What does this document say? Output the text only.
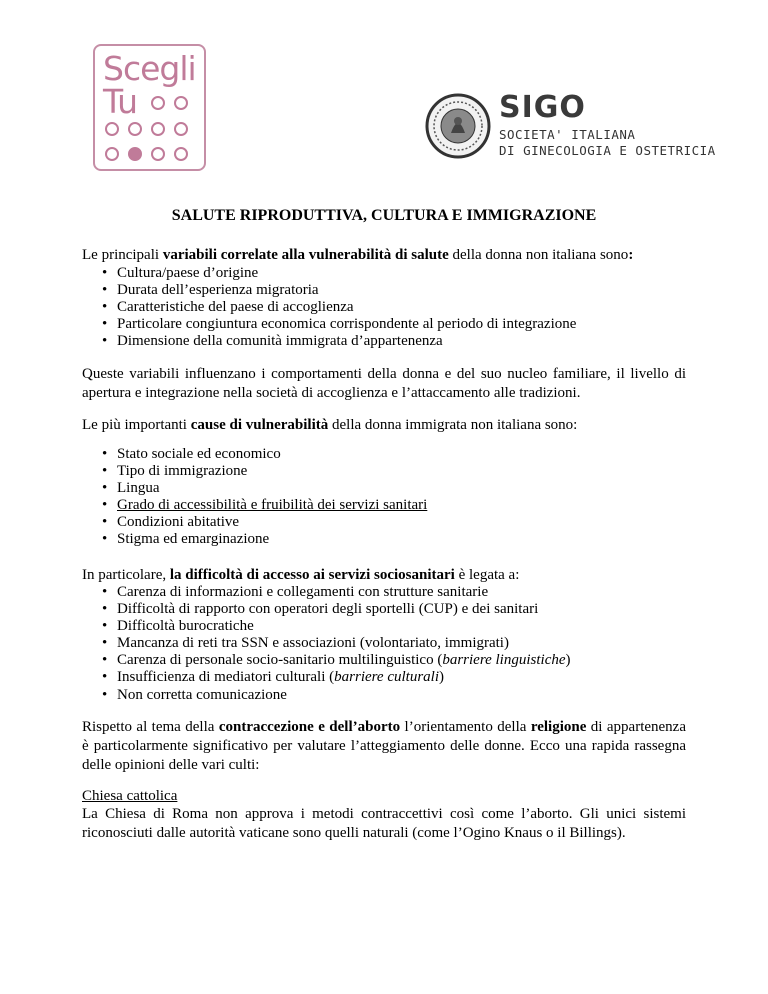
Scegli
Tu	SIGO
SOCIETA' ITALIANA
DI GINECOLOGIA E OSTETRICIA
SALUTE RIPRODUTTIVA, CULTURA E IMMIGRAZIONE
Le principali variabili correlate alla vulnerabilità di salute della donna non italiana sono:
• Cultura/paese d’origine
• Durata dell’esperienza migratoria
• Caratteristiche del paese di accoglienza
• Particolare congiuntura economica corrispondente al periodo di integrazione
• Dimensione della comunità immigrata d’appartenenza
Queste variabili influenzano i comportamenti della donna e del suo nucleo familiare, il livello di apertura e integrazione nella società di accoglienza e l’attaccamento alle tradizioni.
Le più importanti cause di vulnerabilità della donna immigrata non italiana sono:
• Stato sociale ed economico
• Tipo di immigrazione
• Lingua
• Grado di accessibilità e fruibilità dei servizi sanitari
• Condizioni abitative
• Stigma ed emarginazione
In particolare, la difficoltà di accesso ai servizi sociosanitari è legata a:
• Carenza di informazioni e collegamenti con strutture sanitarie
• Difficoltà di rapporto con operatori degli sportelli (CUP) e dei sanitari
• Difficoltà burocratiche
• Mancanza di reti tra SSN e associazioni (volontariato, immigrati)
• Carenza di personale socio-sanitario multilinguistico (barriere linguistiche)
• Insufficienza di mediatori culturali (barriere culturali)
• Non corretta comunicazione
Rispetto al tema della contraccezione e dell’aborto l’orientamento della religione di appartenenza è particolarmente significativo per valutare l’atteggiamento delle donne. Ecco una rapida rassegna delle opinioni delle vari culti:
Chiesa cattolica
La Chiesa di Roma non approva i metodi contraccettivi così come l’aborto. Gli unici sistemi riconosciuti dalle autorità vaticane sono quelli naturali (come l’Ogino Knaus o il Billings).
